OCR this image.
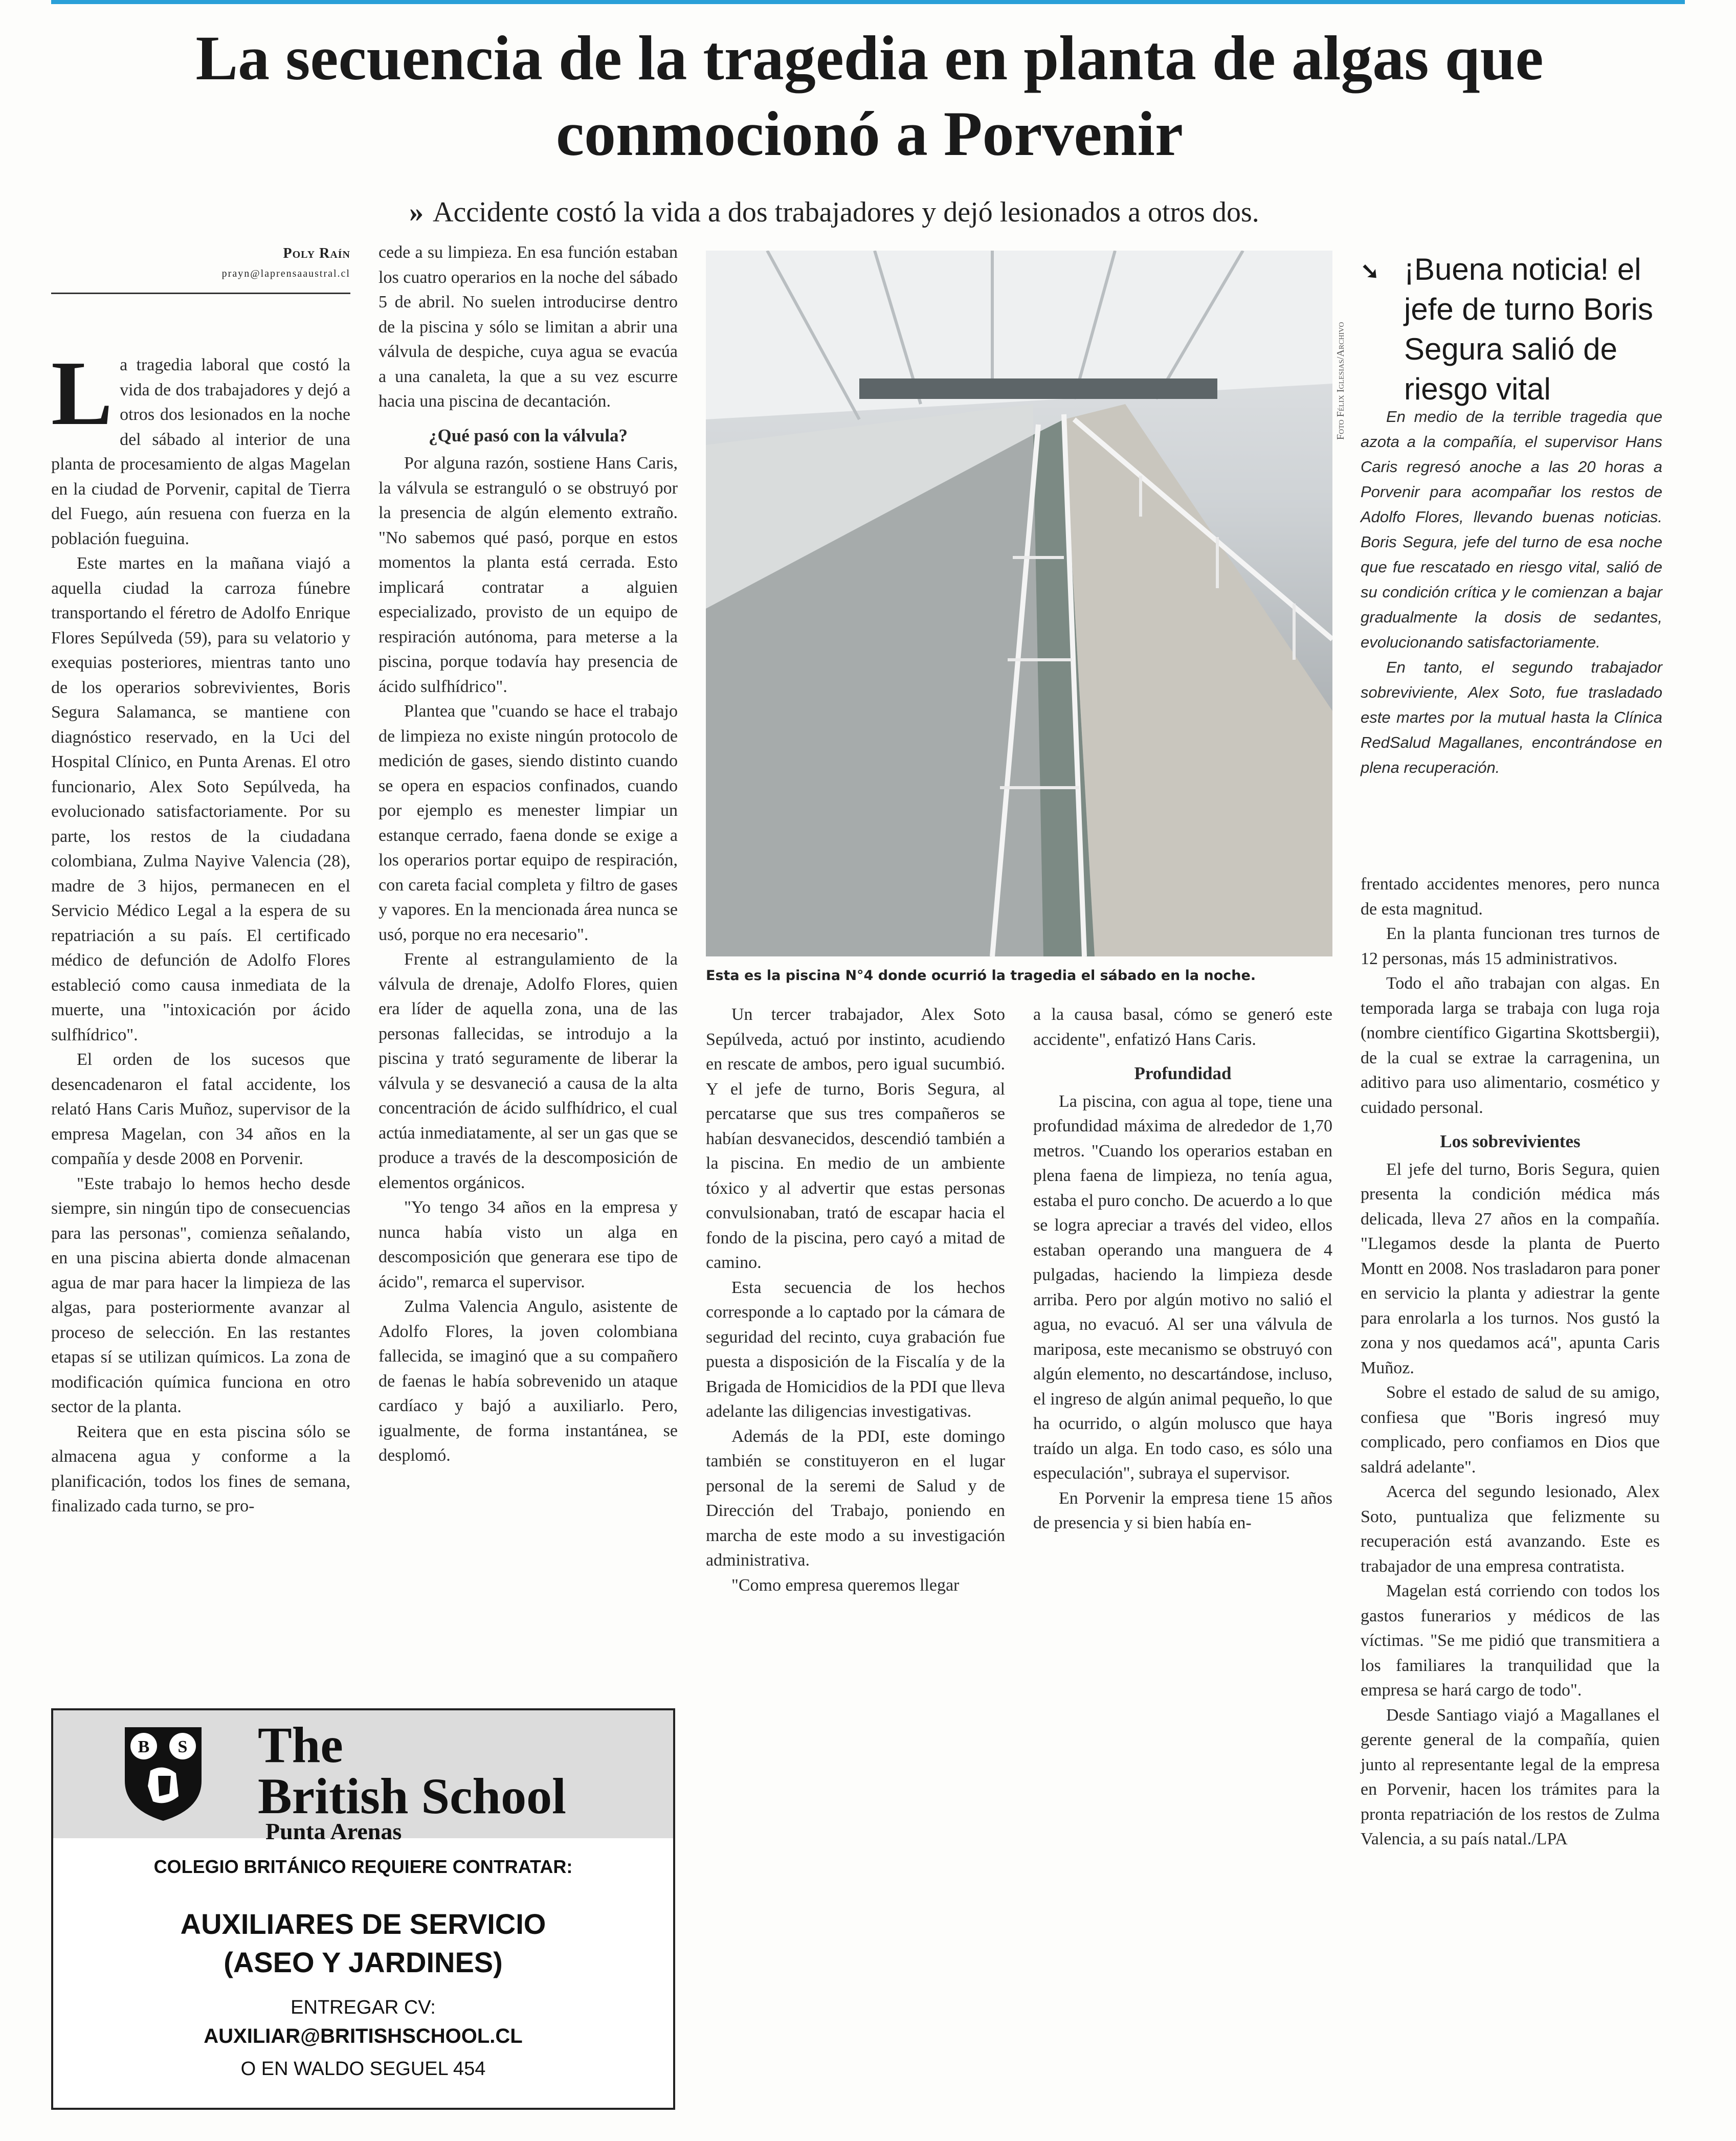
La secuencia de la tragedia en planta de algas que conmocionó a Porvenir
» Accidente costó la vida a dos trabajadores y dejó lesionados a otros dos.
Poly Raín
prayn@laprensaaustral.cl

La tragedia laboral que costó la vida de dos trabajadores y dejó a otros dos lesionados en la noche del sábado al interior de una planta de procesamiento de algas Magelan en la ciudad de Porvenir, capital de Tierra del Fuego, aún resuena con fuerza en la población fueguina.

Este martes en la mañana viajó a aquella ciudad la carroza fúnebre transportando el féretro de Adolfo Enrique Flores Sepúlveda (59), para su velatorio y exequias posteriores, mientras tanto uno de los operarios sobrevivientes, Boris Segura Salamanca, se mantiene con diagnóstico reservado, en la Uci del Hospital Clínico, en Punta Arenas. El otro funcionario, Alex Soto Sepúlveda, ha evolucionado satisfactoriamente. Por su parte, los restos de la ciudadana colombiana, Zulma Nayive Valencia (28), madre de 3 hijos, permanecen en el Servicio Médico Legal a la espera de su repatriación a su país. El certificado médico de defunción de Adolfo Flores estableció como causa inmediata de la muerte, una "intoxicación por ácido sulfhídrico".

El orden de los sucesos que desencadenaron el fatal accidente, los relató Hans Caris Muñoz, supervisor de la empresa Magelan, con 34 años en la compañía y desde 2008 en Porvenir.

"Este trabajo lo hemos hecho desde siempre, sin ningún tipo de consecuencias para las personas", comienza señalando, en una piscina abierta donde almacenan agua de mar para hacer la limpieza de las algas, para posteriormente avanzar al proceso de selección. En las restantes etapas sí se utilizan químicos. La zona de modificación química funciona en otro sector de la planta.

Reitera que en esta piscina sólo se almacena agua y conforme a la planificación, todos los fines de semana, finalizado cada turno, se pro-

cede a su limpieza. En esa función estaban los cuatro operarios en la noche del sábado 5 de abril. No suelen introducirse dentro de la piscina y sólo se limitan a abrir una válvula de despiche, cuya agua se evacúa a una canaleta, la que a su vez escurre hacia una piscina de decantación.

¿Qué pasó con la válvula?

Por alguna razón, sostiene Hans Caris, la válvula se estranguló o se obstruyó por la presencia de algún elemento extraño. "No sabemos qué pasó, porque en estos momentos la planta está cerrada. Esto implicará contratar a alguien especializado, provisto de un equipo de respiración autónoma, para meterse a la piscina, porque todavía hay presencia de ácido sulfhídrico".

Plantea que "cuando se hace el trabajo de limpieza no existe ningún protocolo de medición de gases, siendo distinto cuando se opera en espacios confinados, cuando por ejemplo es menester limpiar un estanque cerrado, faena donde se exige a los operarios portar equipo de respiración, con careta facial completa y filtro de gases y vapores. En la mencionada área nunca se usó, porque no era necesario".

Frente al estrangulamiento de la válvula de drenaje, Adolfo Flores, quien era líder de aquella zona, una de las personas fallecidas, se introdujo a la piscina y trató seguramente de liberar la válvula y se desvaneció a causa de la alta concentración de ácido sulfhídrico, el cual actúa inmediatamente, al ser un gas que se produce a través de la descomposición de elementos orgánicos.

"Yo tengo 34 años en la empresa y nunca había visto un alga en descomposición que generara ese tipo de ácido", remarca el supervisor.

Zulma Valencia Angulo, asistente de Adolfo Flores, la joven colombiana fallecida, se imaginó que a su compañero de faenas le había sobrevenido un ataque cardíaco y bajó a auxiliarlo. Pero, igualmente, de forma instantánea, se desplomó.

Foto Félix Iglesias/Archivo
Esta es la piscina N°4 donde ocurrió la tragedia el sábado en la noche.
➘ ¡Buena noticia! el jefe de turno Boris Segura salió de riesgo vital

En medio de la terrible tragedia que azota a la compañía, el supervisor Hans Caris regresó anoche a las 20 horas a Porvenir para acompañar los restos de Adolfo Flores, llevando buenas noticias. Boris Segura, jefe del turno de esa noche que fue rescatado en riesgo vital, salió de su condición crítica y le comienzan a bajar gradualmente la dosis de sedantes, evolucionando satisfactoriamente.

En tanto, el segundo trabajador sobreviviente, Alex Soto, fue trasladado este martes por la mutual hasta la Clínica RedSalud Magallanes, encontrándose en plena recuperación.

Un tercer trabajador, Alex Soto Sepúlveda, actuó por instinto, acudiendo en rescate de ambos, pero igual sucumbió. Y el jefe de turno, Boris Segura, al percatarse que sus tres compañeros se habían desvanecidos, descendió también a la piscina. En medio de un ambiente tóxico y al advertir que estas personas convulsionaban, trató de escapar hacia el fondo de la piscina, pero cayó a mitad de camino.

Esta secuencia de los hechos corresponde a lo captado por la cámara de seguridad del recinto, cuya grabación fue puesta a disposición de la Fiscalía y de la Brigada de Homicidios de la PDI que lleva adelante las diligencias investigativas.

Además de la PDI, este domingo también se constituyeron en el lugar personal de la seremi de Salud y de Dirección del Trabajo, poniendo en marcha de este modo a su investigación administrativa.

"Como empresa queremos llegar

a la causa basal, cómo se generó este accidente", enfatizó Hans Caris.

Profundidad

La piscina, con agua al tope, tiene una profundidad máxima de alrededor de 1,70 metros. "Cuando los operarios estaban en plena faena de limpieza, no tenía agua, estaba el puro concho. De acuerdo a lo que se logra apreciar a través del video, ellos estaban operando una manguera de 4 pulgadas, haciendo la limpieza desde arriba. Pero por algún motivo no salió el agua, no evacuó. Al ser una válvula de mariposa, este mecanismo se obstruyó con algún elemento, no descartándose, incluso, el ingreso de algún animal pequeño, lo que ha ocurrido, o algún molusco que haya traído un alga. En todo caso, es sólo una especulación", subraya el supervisor.

En Porvenir la empresa tiene 15 años de presencia y si bien había en-

frentado accidentes menores, pero nunca de esta magnitud.

En la planta funcionan tres turnos de 12 personas, más 15 administrativos.

Todo el año trabajan con algas. En temporada larga se trabaja con luga roja (nombre científico Gigartina Skottsbergii), de la cual se extrae la carragenina, un aditivo para uso alimentario, cosmético y cuidado personal.

Los sobrevivientes

El jefe del turno, Boris Segura, quien presenta la condición médica más delicada, lleva 27 años en la compañía. "Llegamos desde la planta de Puerto Montt en 2008. Nos trasladaron para poner en servicio la planta y adiestrar la gente para enrolarla a los turnos. Nos gustó la zona y nos quedamos acá", apunta Caris Muñoz.

Sobre el estado de salud de su amigo, confiesa que "Boris ingresó muy complicado, pero confiamos en Dios que saldrá adelante".

Acerca del segundo lesionado, Alex Soto, puntualiza que felizmente su recuperación está avanzando. Este es trabajador de una empresa contratista.

Magelan está corriendo con todos los gastos funerarios y médicos de las víctimas. "Se me pidió que transmitiera a los familiares la tranquilidad que la empresa se hará cargo de todo".

Desde Santiago viajó a Magallanes el gerente general de la compañía, quien junto al representante legal de la empresa en Porvenir, hacen los trámites para la pronta repatriación de los restos de Zulma Valencia, a su país natal./LPA

B S The
British School
Punta Arenas
COLEGIO BRITÁNICO REQUIERE CONTRATAR:
AUXILIARES DE SERVICIO
(ASEO Y JARDINES)
ENTREGAR CV:
AUXILIAR@BRITISHSCHOOL.CL
O EN WALDO SEGUEL 454
